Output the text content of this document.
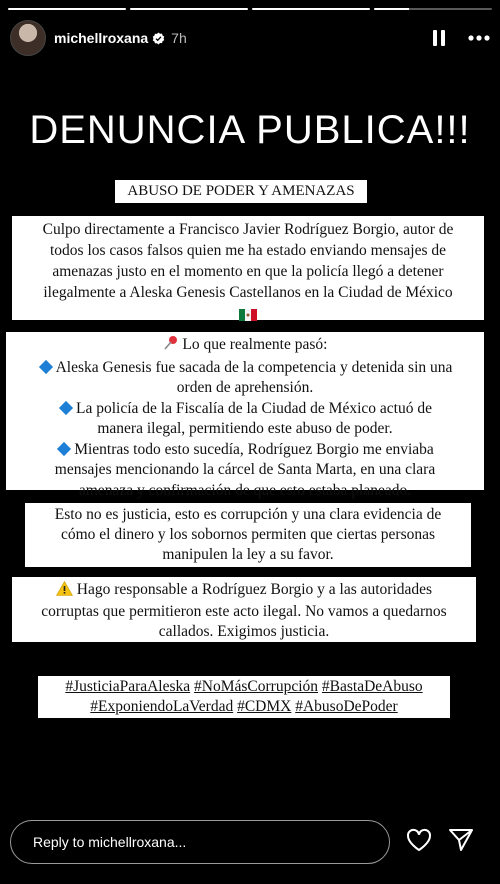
michellroxana 7h
DENUNCIA PUBLICA!!!
ABUSO DE PODER Y AMENAZAS
Culpo directamente a Francisco Javier Rodríguez Borgio, autor de
todos los casos falsos quien me ha estado enviando mensajes de
amenazas justo en el momento en que la policía llegó a detener
ilegalmente a Aleska Genesis Castellanos en la Ciudad de México
Lo que realmente pasó:
Aleska Genesis fue sacada de la competencia y detenida sin una
orden de aprehensión.
La policía de la Fiscalía de la Ciudad de México actuó de
manera ilegal, permitiendo este abuso de poder.
Mientras todo esto sucedía, Rodríguez Borgio me enviaba
mensajes mencionando la cárcel de Santa Marta, en una clara
amenaza y confirmación de que esto estaba planeado.
Esto no es justicia, esto es corrupción y una clara evidencia de
cómo el dinero y los sobornos permiten que ciertas personas
manipulen la ley a su favor.
Hago responsable a Rodríguez Borgio y a las autoridades
corruptas que permitieron este acto ilegal. No vamos a quedarnos
callados. Exigimos justicia.
#JusticiaParaAleska #NoMásCorrupción #BastaDeAbuso
#ExponiendoLaVerdad #CDMX #AbusoDePoder
Reply to michellroxana...
